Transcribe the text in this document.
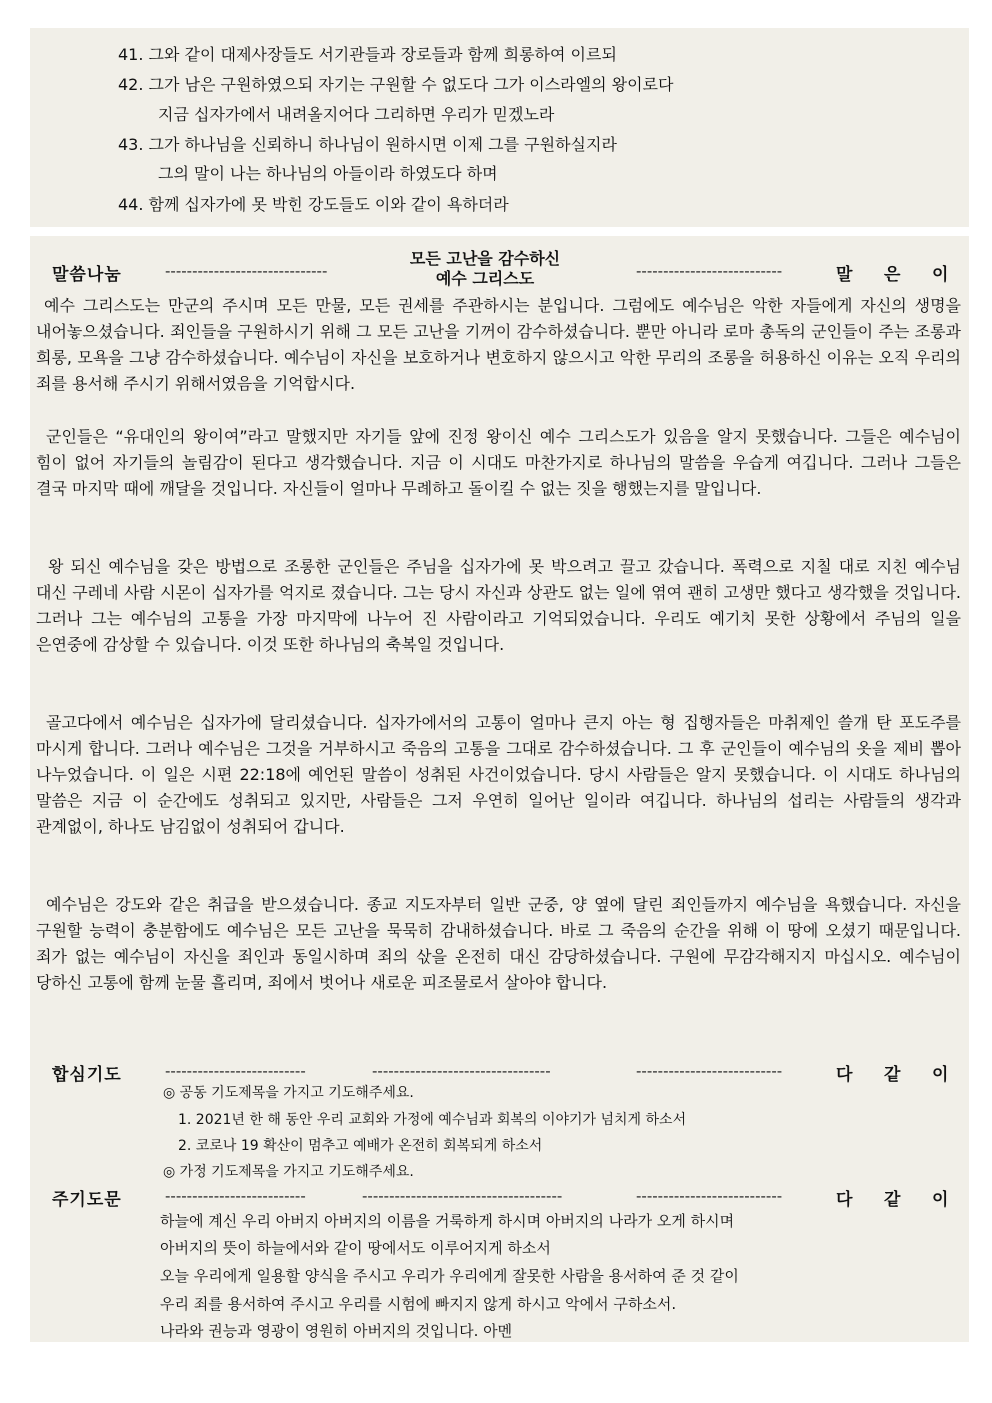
41. 그와 같이 대제사장들도 서기관들과 장로들과 함께 희롱하여 이르되
42. 그가 남은 구원하였으되 자기는 구원할 수 없도다 그가 이스라엘의 왕이로다
지금 십자가에서 내려올지어다 그리하면 우리가 믿겠노라
43. 그가 하나님을 신뢰하니 하나님이 원하시면 이제 그를 구원하실지라
그의 말이 나는 하나님의 아들이라 하였도다 하며
44. 함께 십자가에 못 박힌 강도들도 이와 같이 욕하더라
말씀나눔	------------------------------
모든 고난을 감수하신
예수 그리스도	---------------------------	말 은 이
예수 그리스도는 만군의 주시며 모든 만물, 모든 권세를 주관하시는 분입니다. 그럼에도 예수님은 악한 자들에게 자신의 생명을 내어놓으셨습니다. 죄인들을 구원하시기 위해 그 모든 고난을 기꺼이 감수하셨습니다. 뿐만 아니라 로마 총독의 군인들이 주는 조롱과 희롱, 모욕을 그냥 감수하셨습니다. 예수님이 자신을 보호하거나 변호하지 않으시고 악한 무리의 조롱을 허용하신 이유는 오직 우리의 죄를 용서해 주시기 위해서였음을 기억합시다.
군인들은 “유대인의 왕이여”라고 말했지만 자기들 앞에 진정 왕이신 예수 그리스도가 있음을 알지 못했습니다. 그들은 예수님이 힘이 없어 자기들의 놀림감이 된다고 생각했습니다. 지금 이 시대도 마찬가지로 하나님의 말씀을 우습게 여깁니다. 그러나 그들은 결국 마지막 때에 깨달을 것입니다. 자신들이 얼마나 무례하고 돌이킬 수 없는 짓을 행했는지를 말입니다.
왕 되신 예수님을 갖은 방법으로 조롱한 군인들은 주님을 십자가에 못 박으려고 끌고 갔습니다. 폭력으로 지칠 대로 지친 예수님 대신 구레네 사람 시몬이 십자가를 억지로 졌습니다. 그는 당시 자신과 상관도 없는 일에 엮여 괜히 고생만 했다고 생각했을 것입니다. 그러나 그는 예수님의 고통을 가장 마지막에 나누어 진 사람이라고 기억되었습니다. 우리도 예기치 못한 상황에서 주님의 일을 은연중에 감상할 수 있습니다. 이것 또한 하나님의 축복일 것입니다.
골고다에서 예수님은 십자가에 달리셨습니다. 십자가에서의 고통이 얼마나 큰지 아는 형 집행자들은 마취제인 쓸개 탄 포도주를 마시게 합니다. 그러나 예수님은 그것을 거부하시고 죽음의 고통을 그대로 감수하셨습니다. 그 후 군인들이 예수님의 옷을 제비 뽑아 나누었습니다. 이 일은 시편 22:18에 예언된 말씀이 성취된 사건이었습니다. 당시 사람들은 알지 못했습니다. 이 시대도 하나님의 말씀은 지금 이 순간에도 성취되고 있지만, 사람들은 그저 우연히 일어난 일이라 여깁니다. 하나님의 섭리는 사람들의 생각과 관계없이, 하나도 남김없이 성취되어 갑니다.
예수님은 강도와 같은 취급을 받으셨습니다. 종교 지도자부터 일반 군중, 양 옆에 달린 죄인들까지 예수님을 욕했습니다. 자신을 구원할 능력이 충분함에도 예수님은 모든 고난을 묵묵히 감내하셨습니다. 바로 그 죽음의 순간을 위해 이 땅에 오셨기 때문입니다. 죄가 없는 예수님이 자신을 죄인과 동일시하며 죄의 삯을 온전히 대신 감당하셨습니다. 구원에 무감각해지지 마십시오. 예수님이 당하신 고통에 함께 눈물 흘리며, 죄에서 벗어나 새로운 피조물로서 살아야 합니다.
합심기도	--------------------------	---------------------------------	---------------------------	다 같 이
◎ 공동 기도제목을 가지고 기도해주세요.
1. 2021년 한 해 동안 우리 교회와 가정에 예수님과 회복의 이야기가 넘치게 하소서
2. 코로나 19 확산이 멈추고 예배가 온전히 회복되게 하소서
◎ 가정 기도제목을 가지고 기도해주세요.
주기도문	--------------------------	-------------------------------------	---------------------------	다 같 이
하늘에 계신 우리 아버지 아버지의 이름을 거룩하게 하시며 아버지의 나라가 오게 하시며
아버지의 뜻이 하늘에서와 같이 땅에서도 이루어지게 하소서
오늘 우리에게 일용할 양식을 주시고 우리가 우리에게 잘못한 사람을 용서하여 준 것 같이
우리 죄를 용서하여 주시고 우리를 시험에 빠지지 않게 하시고 악에서 구하소서.
나라와 권능과 영광이 영원히 아버지의 것입니다. 아멘
